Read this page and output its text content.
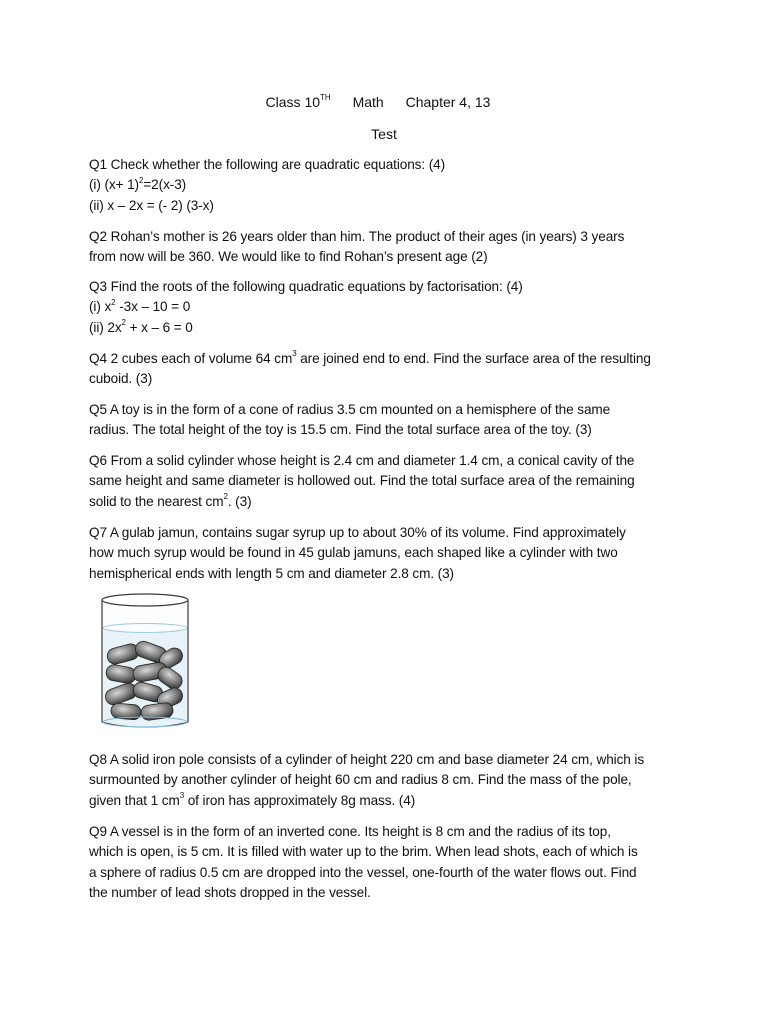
Class 10TH Math Chapter 4, 13
Test
Q1 Check whether the following are quadratic equations: (4)
(i) $(x+ 1)^2=2(x-3)$
(ii) x – 2x = (- 2) (3-x)
Q2 Rohan’s mother is 26 years older than him. The product of their ages (in years) 3 years
from now will be 360. We would like to find Rohan’s present age (2)
Q3 Find the roots of the following quadratic equations by factorisation: (4)
(i) $x^2$ -3x – 10 = 0
(ii) $2x^2 + x - 6 = 0$
Q4 2 cubes each of volume 64 $cm^3$ are joined end to end. Find the surface area of the resulting
cuboid. (3)
Q5 A toy is in the form of a cone of radius 3.5 cm mounted on a hemisphere of the same
radius. The total height of the toy is 15.5 cm. Find the total surface area of the toy. (3)
Q6 From a solid cylinder whose height is 2.4 cm and diameter 1.4 cm, a conical cavity of the
same height and same diameter is hollowed out. Find the total surface area of the remaining
solid to the nearest $cm^2$. (3)
Q7 A gulab jamun, contains sugar syrup up to about 30% of its volume. Find approximately
how much syrup would be found in 45 gulab jamuns, each shaped like a cylinder with two
hemispherical ends with length 5 cm and diameter 2.8 cm. (3)
Q8 A solid iron pole consists of a cylinder of height 220 cm and base diameter 24 cm, which is
surmounted by another cylinder of height 60 cm and radius 8 cm. Find the mass of the pole,
given that 1 $cm^3$ of iron has approximately 8g mass. (4)
Q9 A vessel is in the form of an inverted cone. Its height is 8 cm and the radius of its top,
which is open, is 5 cm. It is filled with water up to the brim. When lead shots, each of which is
a sphere of radius 0.5 cm are dropped into the vessel, one-fourth of the water flows out. Find
the number of lead shots dropped in the vessel.
